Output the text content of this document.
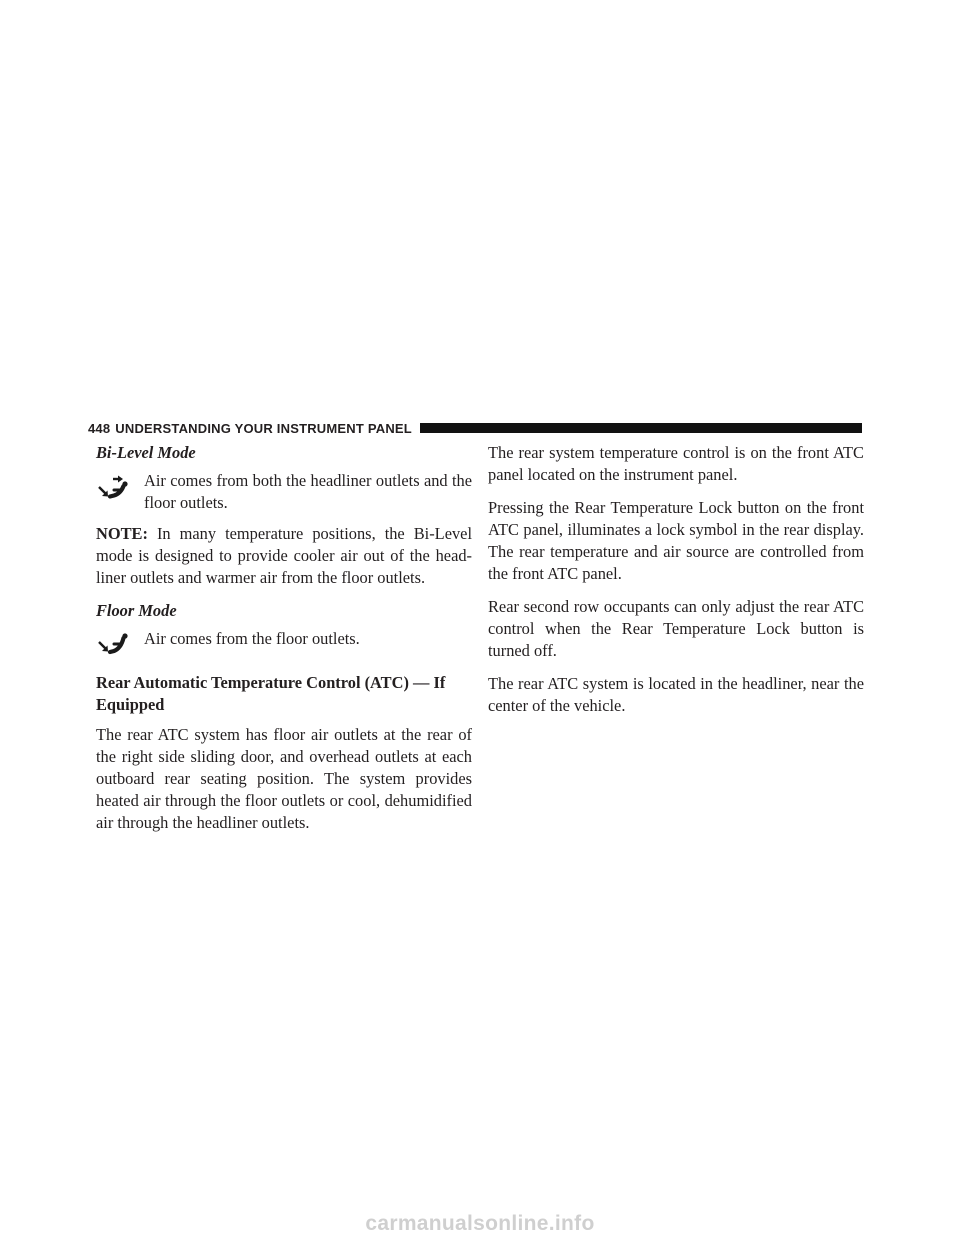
448 UNDERSTANDING YOUR INSTRUMENT PANEL
Bi-Level Mode
Air comes from both the headliner outlets and the floor outlets.

NOTE: In many temperature positions, the Bi-Level mode is designed to provide cooler air out of the head-liner outlets and warmer air from the floor outlets.

Floor Mode
Air comes from the floor outlets.

Rear Automatic Temperature Control (ATC) — If Equipped

The rear ATC system has floor air outlets at the rear of the right side sliding door, and overhead outlets at each outboard rear seating position. The system provides heated air through the floor outlets or cool, dehumidified air through the headliner outlets.

The rear system temperature control is on the front ATC panel located on the instrument panel.

Pressing the Rear Temperature Lock button on the front ATC panel, illuminates a lock symbol in the rear display. The rear temperature and air source are controlled from the front ATC panel.

Rear second row occupants can only adjust the rear ATC control when the Rear Temperature Lock button is turned off.

The rear ATC system is located in the headliner, near the center of the vehicle.

carmanualsonline.info
